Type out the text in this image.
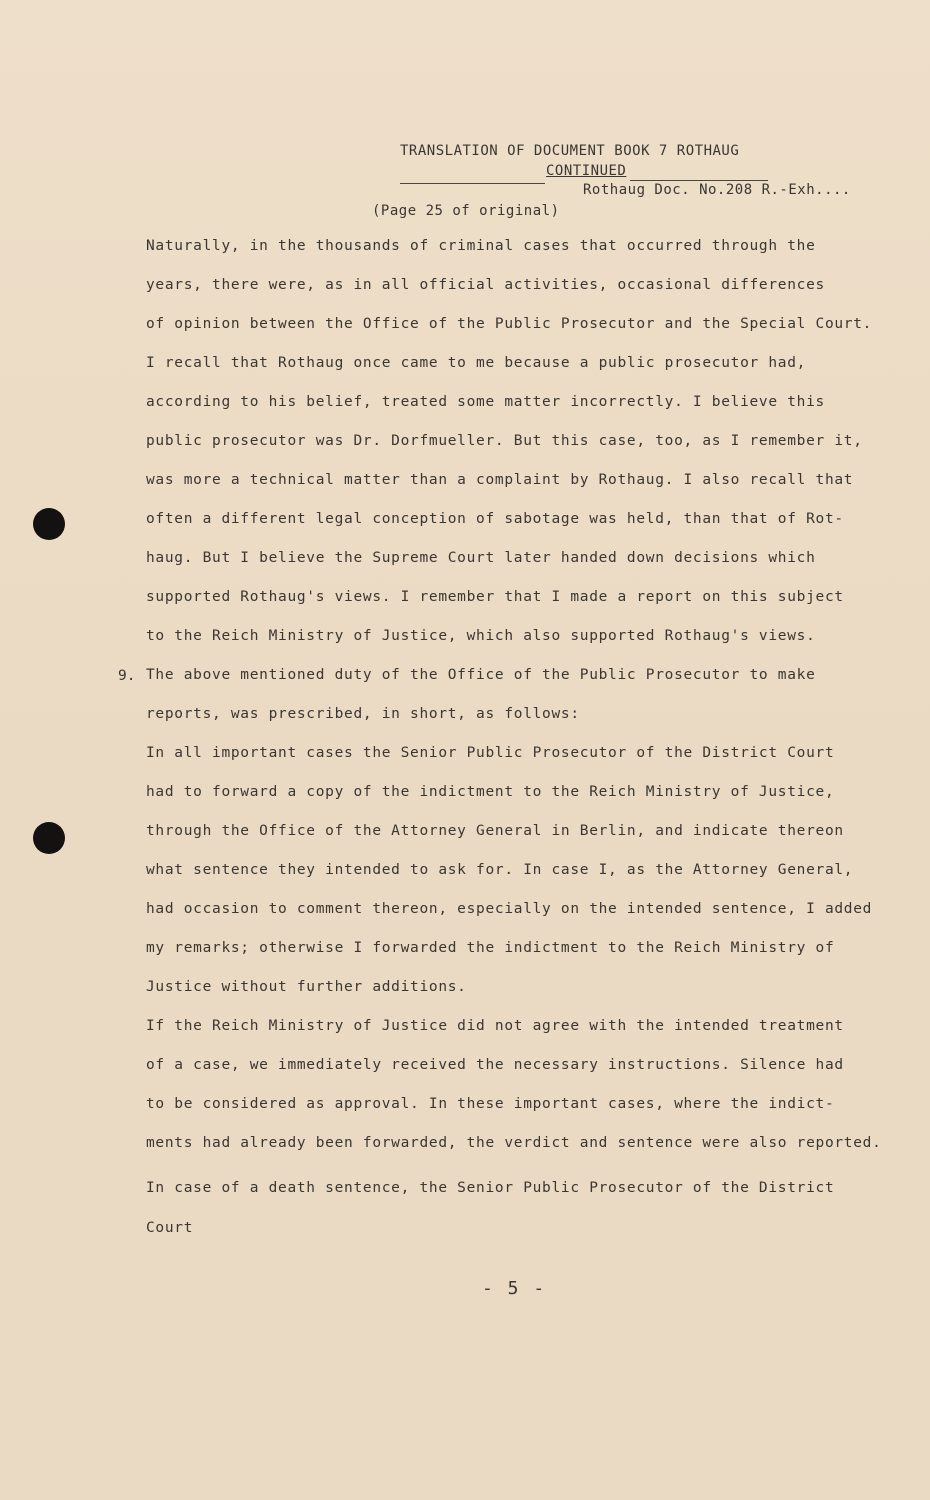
TRANSLATION OF DOCUMENT BOOK 7 ROTHAUG
CONTINUED
Rothaug Doc. No.208 R.-Exh....
(Page 25 of original)
Naturally, in the thousands of criminal cases that occurred through the
years, there were, as in all official activities, occasional differences
of opinion between the Office of the Public Prosecutor and the Special Court.
I recall that Rothaug once came to me because a public prosecutor had,
according to his belief, treated some matter incorrectly. I believe this
public prosecutor was Dr. Dorfmueller. But this case, too, as I remember it,
was more a technical matter than a complaint by Rothaug. I also recall that
often a different legal conception of sabotage was held, than that of Rot-
haug. But I believe the Supreme Court later handed down decisions which
supported Rothaug's views. I remember that I made a report on this subject
to the Reich Ministry of Justice, which also supported Rothaug's views.
9. The above mentioned duty of the Office of the Public Prosecutor to make
reports, was prescribed, in short, as follows:
In all important cases the Senior Public Prosecutor of the District Court
had to forward a copy of the indictment to the Reich Ministry of Justice,
through the Office of the Attorney General in Berlin, and indicate thereon
what sentence they intended to ask for. In case I, as the Attorney General,
had occasion to comment thereon, especially on the intended sentence, I added
my remarks; otherwise I forwarded the indictment to the Reich Ministry of
Justice without further additions.
If the Reich Ministry of Justice did not agree with the intended treatment
of a case, we immediately received the necessary instructions. Silence had
to be considered as approval. In these important cases, where the indict-
ments had already been forwarded, the verdict and sentence were also reported.
In case of a death sentence, the Senior Public Prosecutor of the District
Court
- 5 -
